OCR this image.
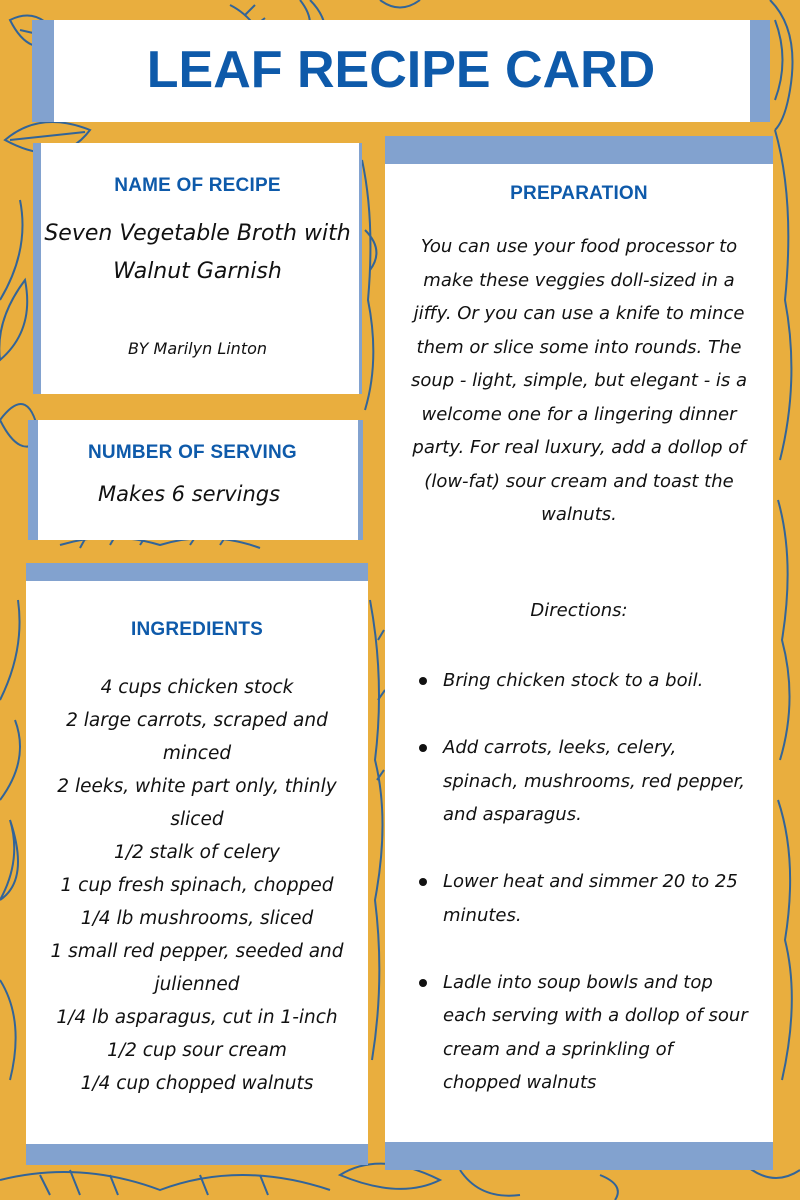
LEAF RECIPE CARD
NAME OF RECIPE
Seven Vegetable Broth with Walnut Garnish
BY Marilyn Linton
NUMBER OF SERVING
Makes 6 servings
INGREDIENTS
4 cups chicken stock
2 large carrots, scraped and minced
2 leeks, white part only, thinly sliced
1/2 stalk of celery
1 cup fresh spinach, chopped
1/4 lb mushrooms, sliced
1 small red pepper, seeded and julienned
1/4 lb asparagus, cut in 1-inch
1/2 cup sour cream
1/4 cup chopped walnuts
PREPARATION
You can use your food processor to make these veggies doll-sized in a jiffy. Or you can use a knife to mince them or slice some into rounds. The soup - light, simple, but elegant - is a welcome one for a lingering dinner party. For real luxury, add a dollop of (low-fat) sour cream and toast the walnuts.
Directions:
Bring chicken stock to a boil.
Add carrots, leeks, celery, spinach, mushrooms, red pepper, and asparagus.
Lower heat and simmer 20 to 25 minutes.
Ladle into soup bowls and top each serving with a dollop of sour cream and a sprinkling of chopped walnuts
